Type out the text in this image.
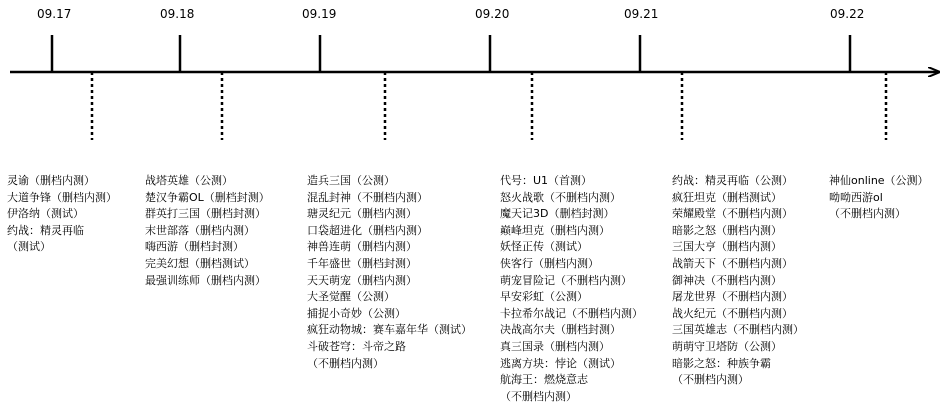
09.17	09.18	09.19	09.20	09.21	09.22
灵谕（删档内测）
大道争锋（删档内测）
伊洛纳（测试）
约战：精灵再临
（测试）
战塔英雄（公测）
楚汉争霸OL（删档封测）
群英打三国（删档封测）
末世部落（删档内测）
嗨西游（删档封测）
完美幻想（删档测试）
最强训练师（删档内测）
造兵三国（公测）
混乱封神（不删档内测）
瑭灵纪元（删档内测）
口袋超进化（删档内测）
神兽连萌（删档内测）
千年盛世（删档封测）
天天萌宠（删档内测）
大圣觉醒（公测）
捕捉小奇妙（公测）
疯狂动物城：赛车嘉年华（测试）
斗破苍穹：斗帝之路
（不删档内测）
代号：U1（首测）
怒火战歌（不删档内测）
魔天记3D（删档封测）
巅峰坦克（删档内测）
妖怪正传（测试）
侠客行（删档内测）
萌宠冒险记（不删档内测）
早安彩虹（公测）
卡拉希尔战记（不删档内测）
决战高尔夫（删档封测）
真三国录（删档内测）
逃离方块：悖论（测试）
航海王：燃烧意志
（不删档内测）
约战：精灵再临（公测）
疯狂坦克（删档测试）
荣耀殿堂（不删档内测）
暗影之怒（删档内测）
三国大亨（删档内测）
战箭天下（不删档内测）
御神决（不删档内测）
屠龙世界（不删档内测）
战火纪元（不删档内测）
三国英雄志（不删档内测）
萌萌守卫塔防（公测）
暗影之怒：种族争霸
（不删档内测）
神仙online（公测）
呦呦西游ol
（不删档内测）
